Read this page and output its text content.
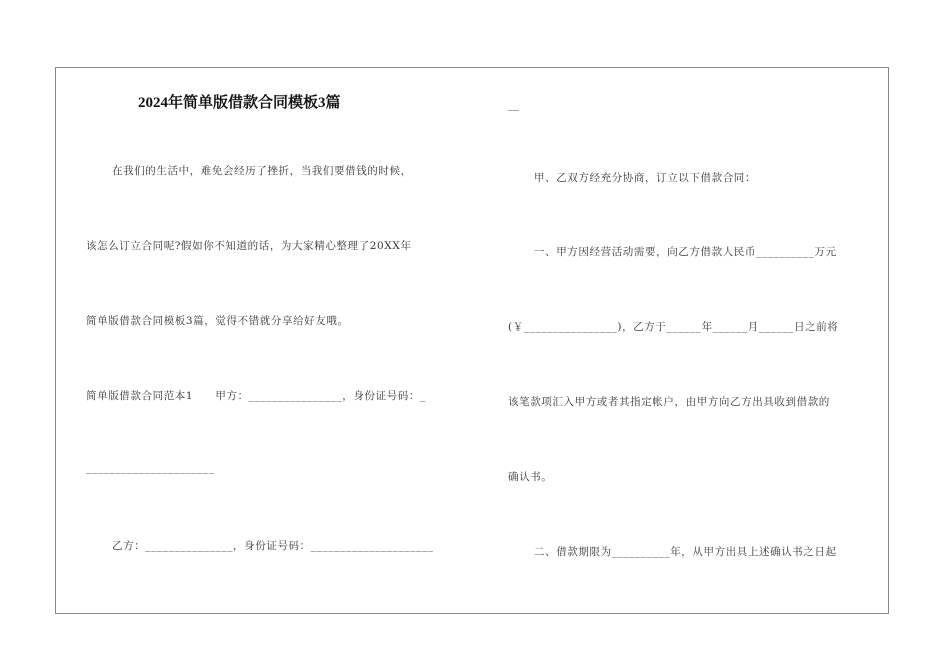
2024年简单版借款合同模板3篇	__
在我们的生活中，难免会经历了挫折，当我们要借钱的时候，
该怎么订立合同呢?假如你不知道的话，为大家精心整理了20XX年
简单版借款合同模板3篇，觉得不错就分享给好友哦。
简单版借款合同范本1　　甲方：________________，身份证号码：_
______________________
乙方：_______________，身份证号码：_____________________
甲、乙双方经充分协商，订立以下借款合同：
一、甲方因经营活动需要，向乙方借款人民币__________万元
(￥________________)，乙方于______年______月______日之前将
该笔款项汇入甲方或者其指定帐户，由甲方向乙方出具收到借款的
确认书。
二、借款期限为__________年，从甲方出具上述确认书之日起
